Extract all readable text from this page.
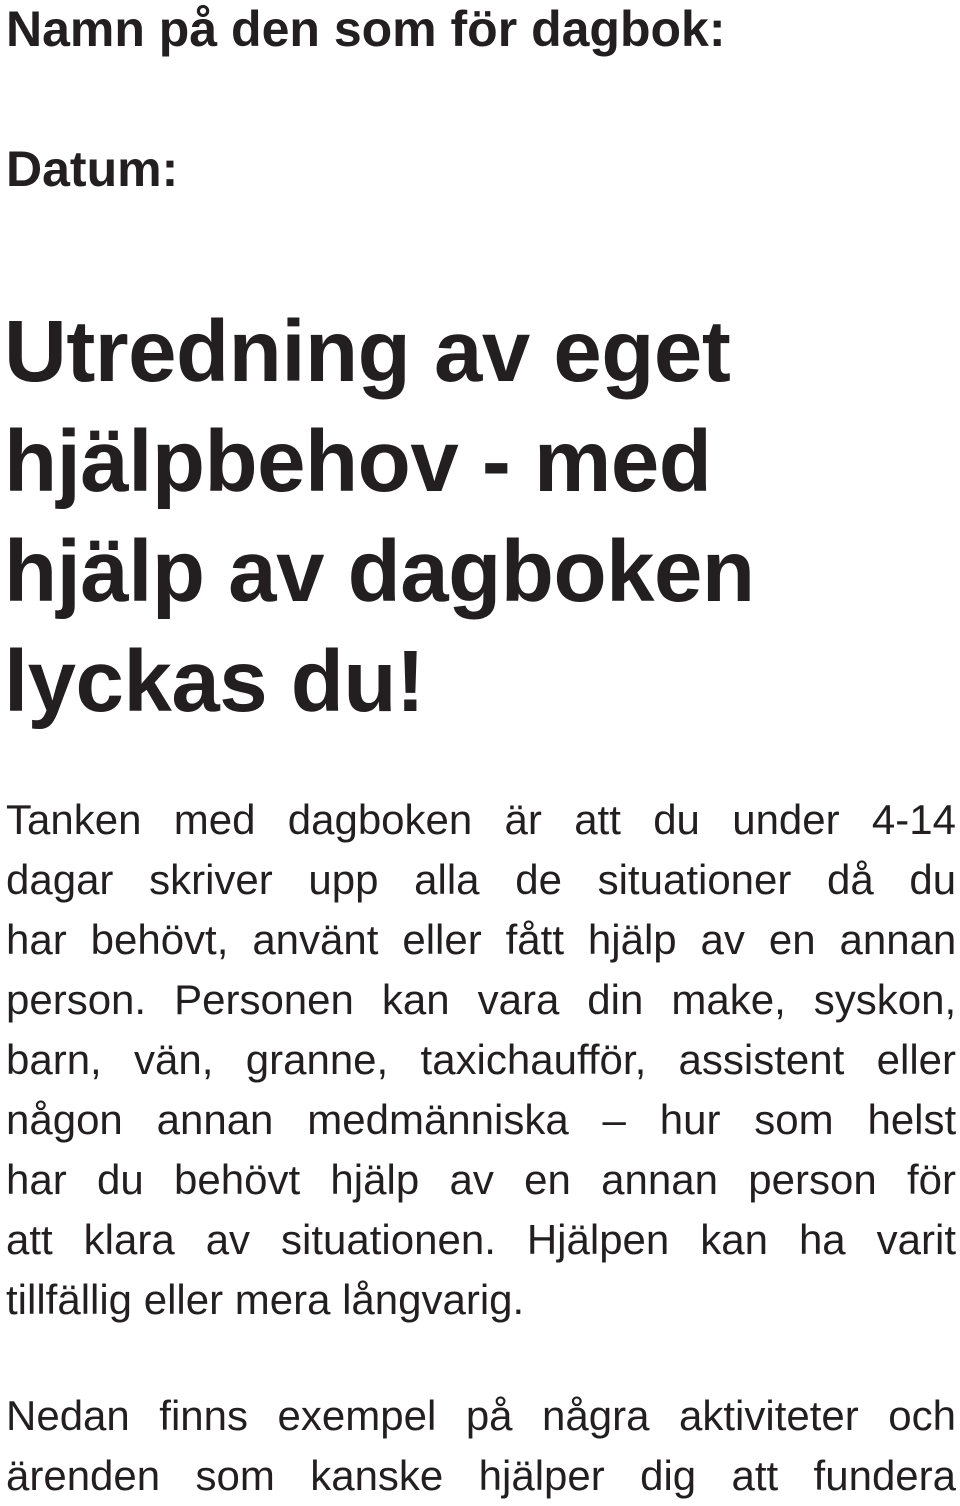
Namn på den som för dagbok:
Datum:
Utredning av eget
hjälpbehov - med
hjälp av dagboken
lyckas du!
Tanken med dagboken är att du under 4-14
dagar skriver upp alla de situationer då du
har behövt, använt eller fått hjälp av en annan
person. Personen kan vara din make, syskon,
barn, vän, granne, taxichaufför, assistent eller
någon annan medmänniska – hur som helst
har du behövt hjälp av en annan person för
att klara av situationen. Hjälpen kan ha varit
tillfällig eller mera långvarig.
Nedan finns exempel på några aktiviteter och
ärenden som kanske hjälper dig att fundera
